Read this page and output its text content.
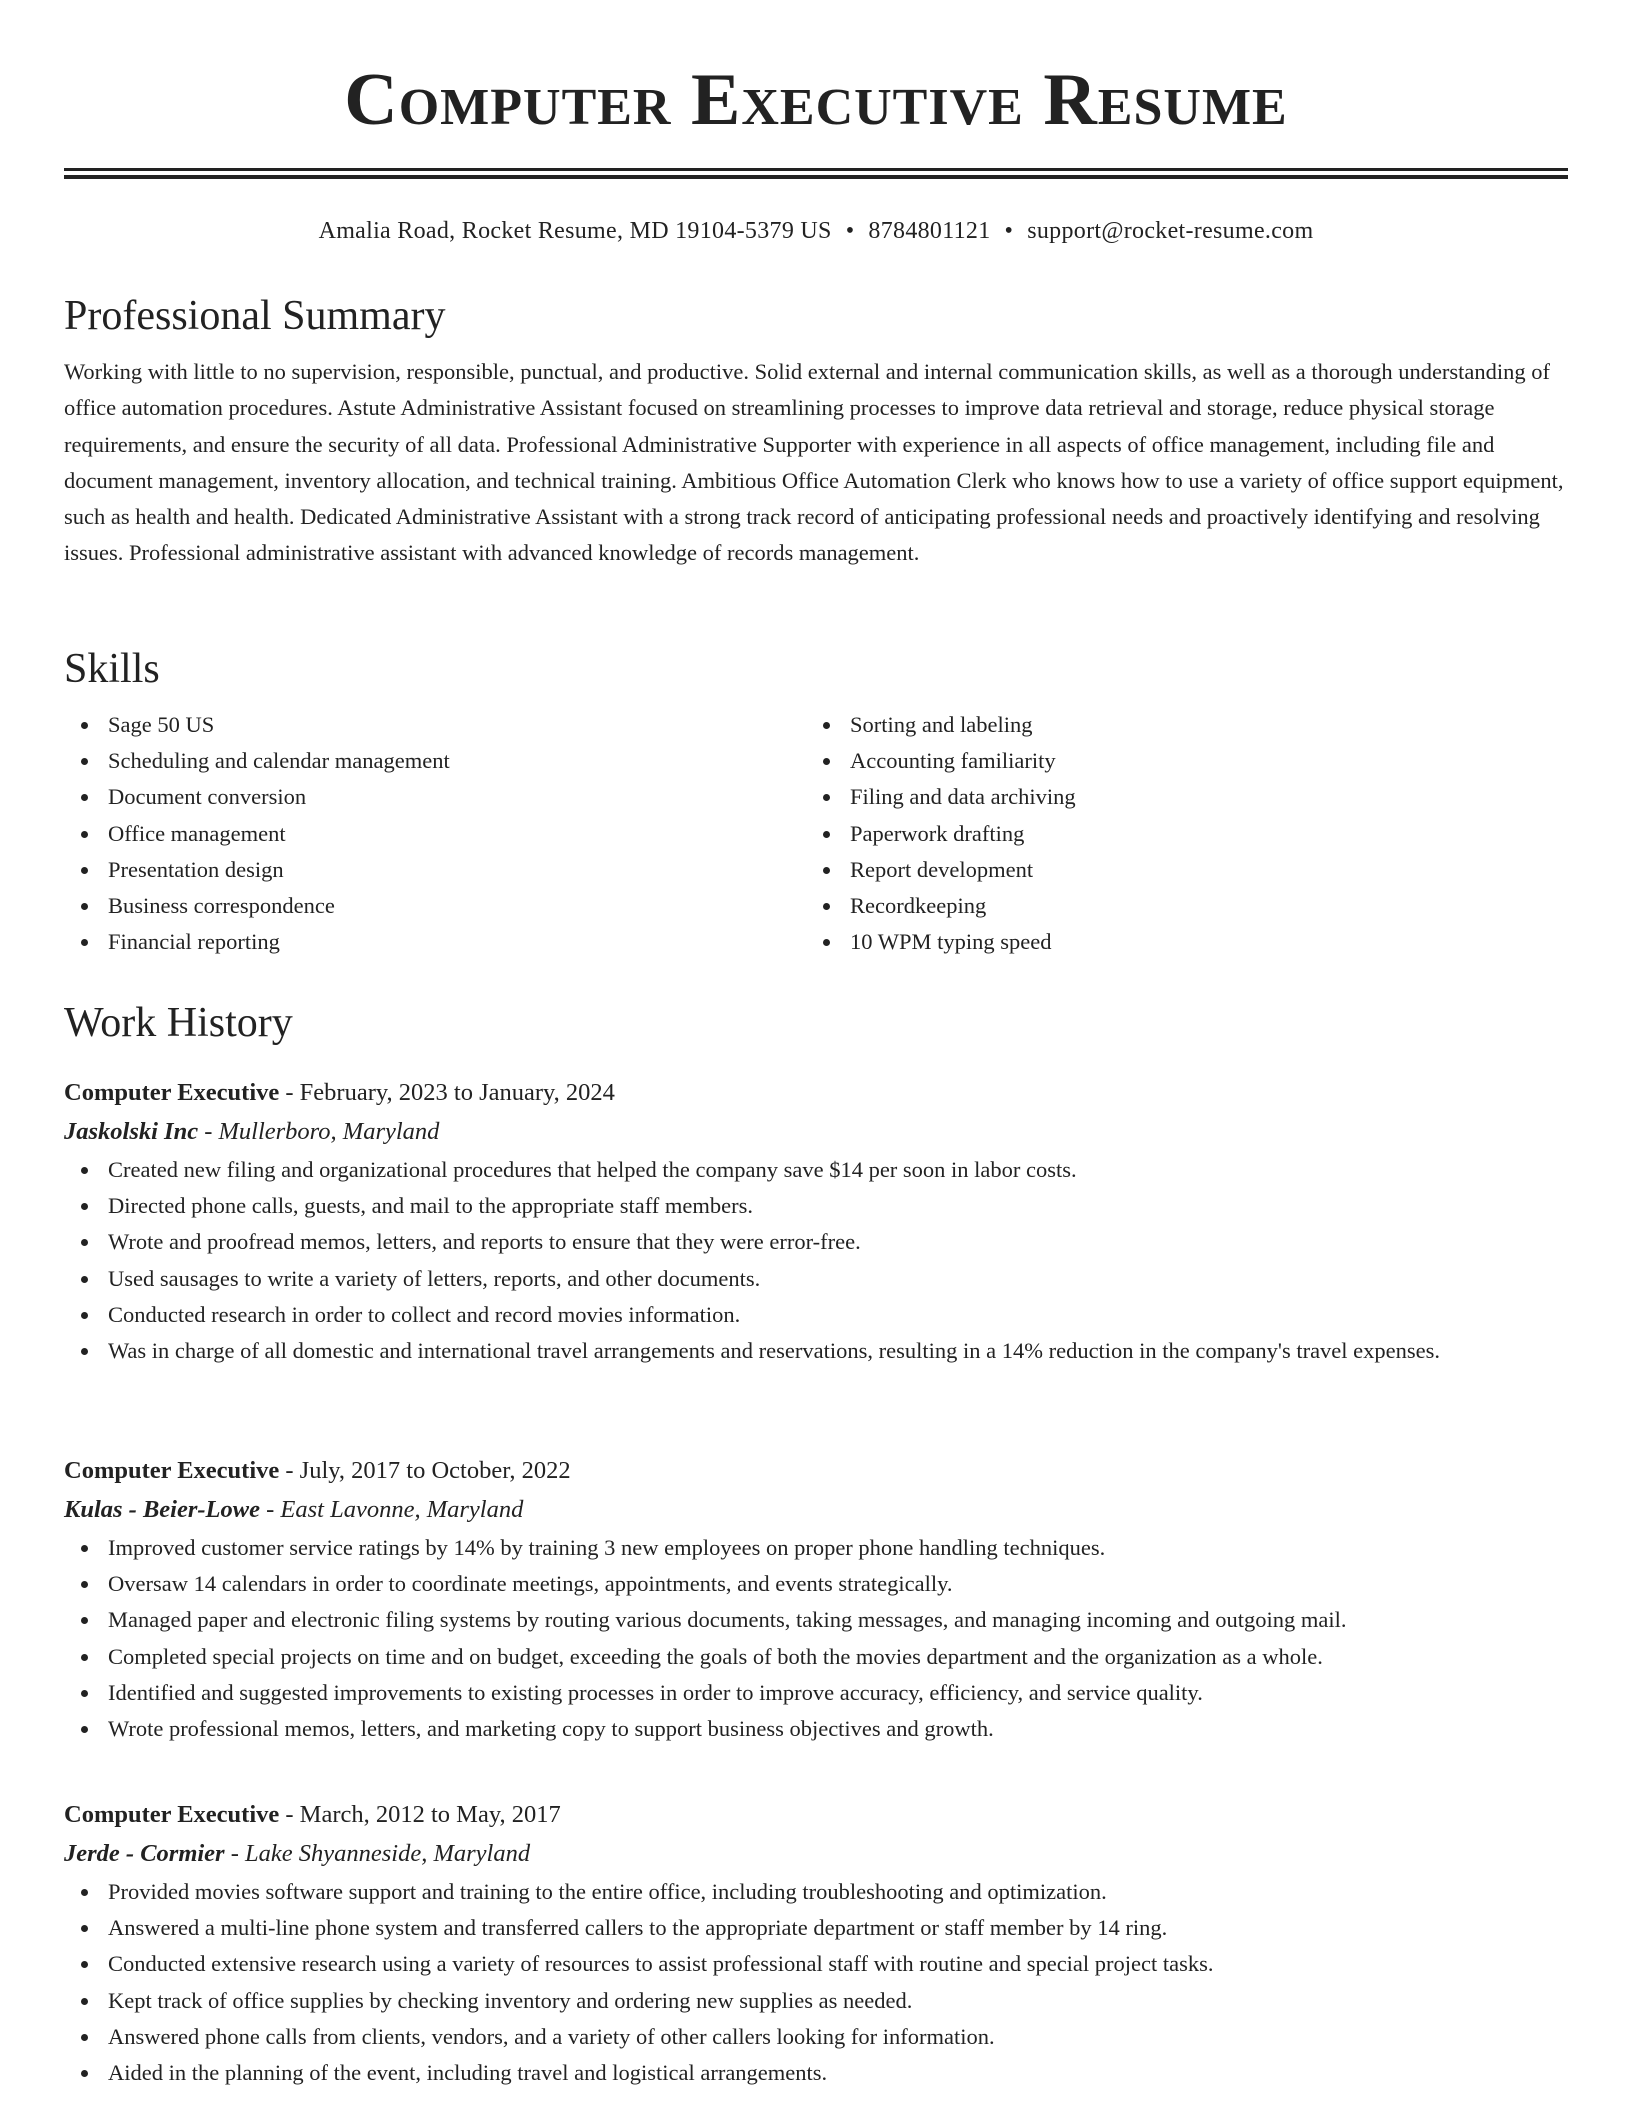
Computer Executive Resume
Amalia Road, Rocket Resume, MD 19104-5379 US • 8784801121 • support@rocket-resume.com
Professional Summary

Working with little to no supervision, responsible, punctual, and productive. Solid external and internal communication skills, as well as a thorough understanding of office automation procedures. Astute Administrative Assistant focused on streamlining processes to improve data retrieval and storage, reduce physical storage requirements, and ensure the security of all data. Professional Administrative Supporter with experience in all aspects of office management, including file and document management, inventory allocation, and technical training. Ambitious Office Automation Clerk who knows how to use a variety of office support equipment, such as health and health. Dedicated Administrative Assistant with a strong track record of anticipating professional needs and proactively identifying and resolving issues. Professional administrative assistant with advanced knowledge of records management.

Skills
Sage 50 US
Scheduling and calendar management
Document conversion
Office management
Presentation design
Business correspondence
Financial reporting
Sorting and labeling
Accounting familiarity
Filing and data archiving
Paperwork drafting
Report development
Recordkeeping
10 WPM typing speed
Work History

Computer Executive - February, 2023 to January, 2024

Jaskolski Inc - Mullerboro, Maryland

Created new filing and organizational procedures that helped the company save $14 per soon in labor costs.
Directed phone calls, guests, and mail to the appropriate staff members.
Wrote and proofread memos, letters, and reports to ensure that they were error-free.
Used sausages to write a variety of letters, reports, and other documents.
Conducted research in order to collect and record movies information.
Was in charge of all domestic and international travel arrangements and reservations, resulting in a 14% reduction in the company's travel expenses.

Computer Executive - July, 2017 to October, 2022

Kulas - Beier-Lowe - East Lavonne, Maryland

Improved customer service ratings by 14% by training 3 new employees on proper phone handling techniques.
Oversaw 14 calendars in order to coordinate meetings, appointments, and events strategically.
Managed paper and electronic filing systems by routing various documents, taking messages, and managing incoming and outgoing mail.
Completed special projects on time and on budget, exceeding the goals of both the movies department and the organization as a whole.
Identified and suggested improvements to existing processes in order to improve accuracy, efficiency, and service quality.
Wrote professional memos, letters, and marketing copy to support business objectives and growth.

Computer Executive - March, 2012 to May, 2017

Jerde - Cormier - Lake Shyanneside, Maryland

Provided movies software support and training to the entire office, including troubleshooting and optimization.
Answered a multi-line phone system and transferred callers to the appropriate department or staff member by 14 ring.
Conducted extensive research using a variety of resources to assist professional staff with routine and special project tasks.
Kept track of office supplies by checking inventory and ordering new supplies as needed.
Answered phone calls from clients, vendors, and a variety of other callers looking for information.
Aided in the planning of the event, including travel and logistical arrangements.
